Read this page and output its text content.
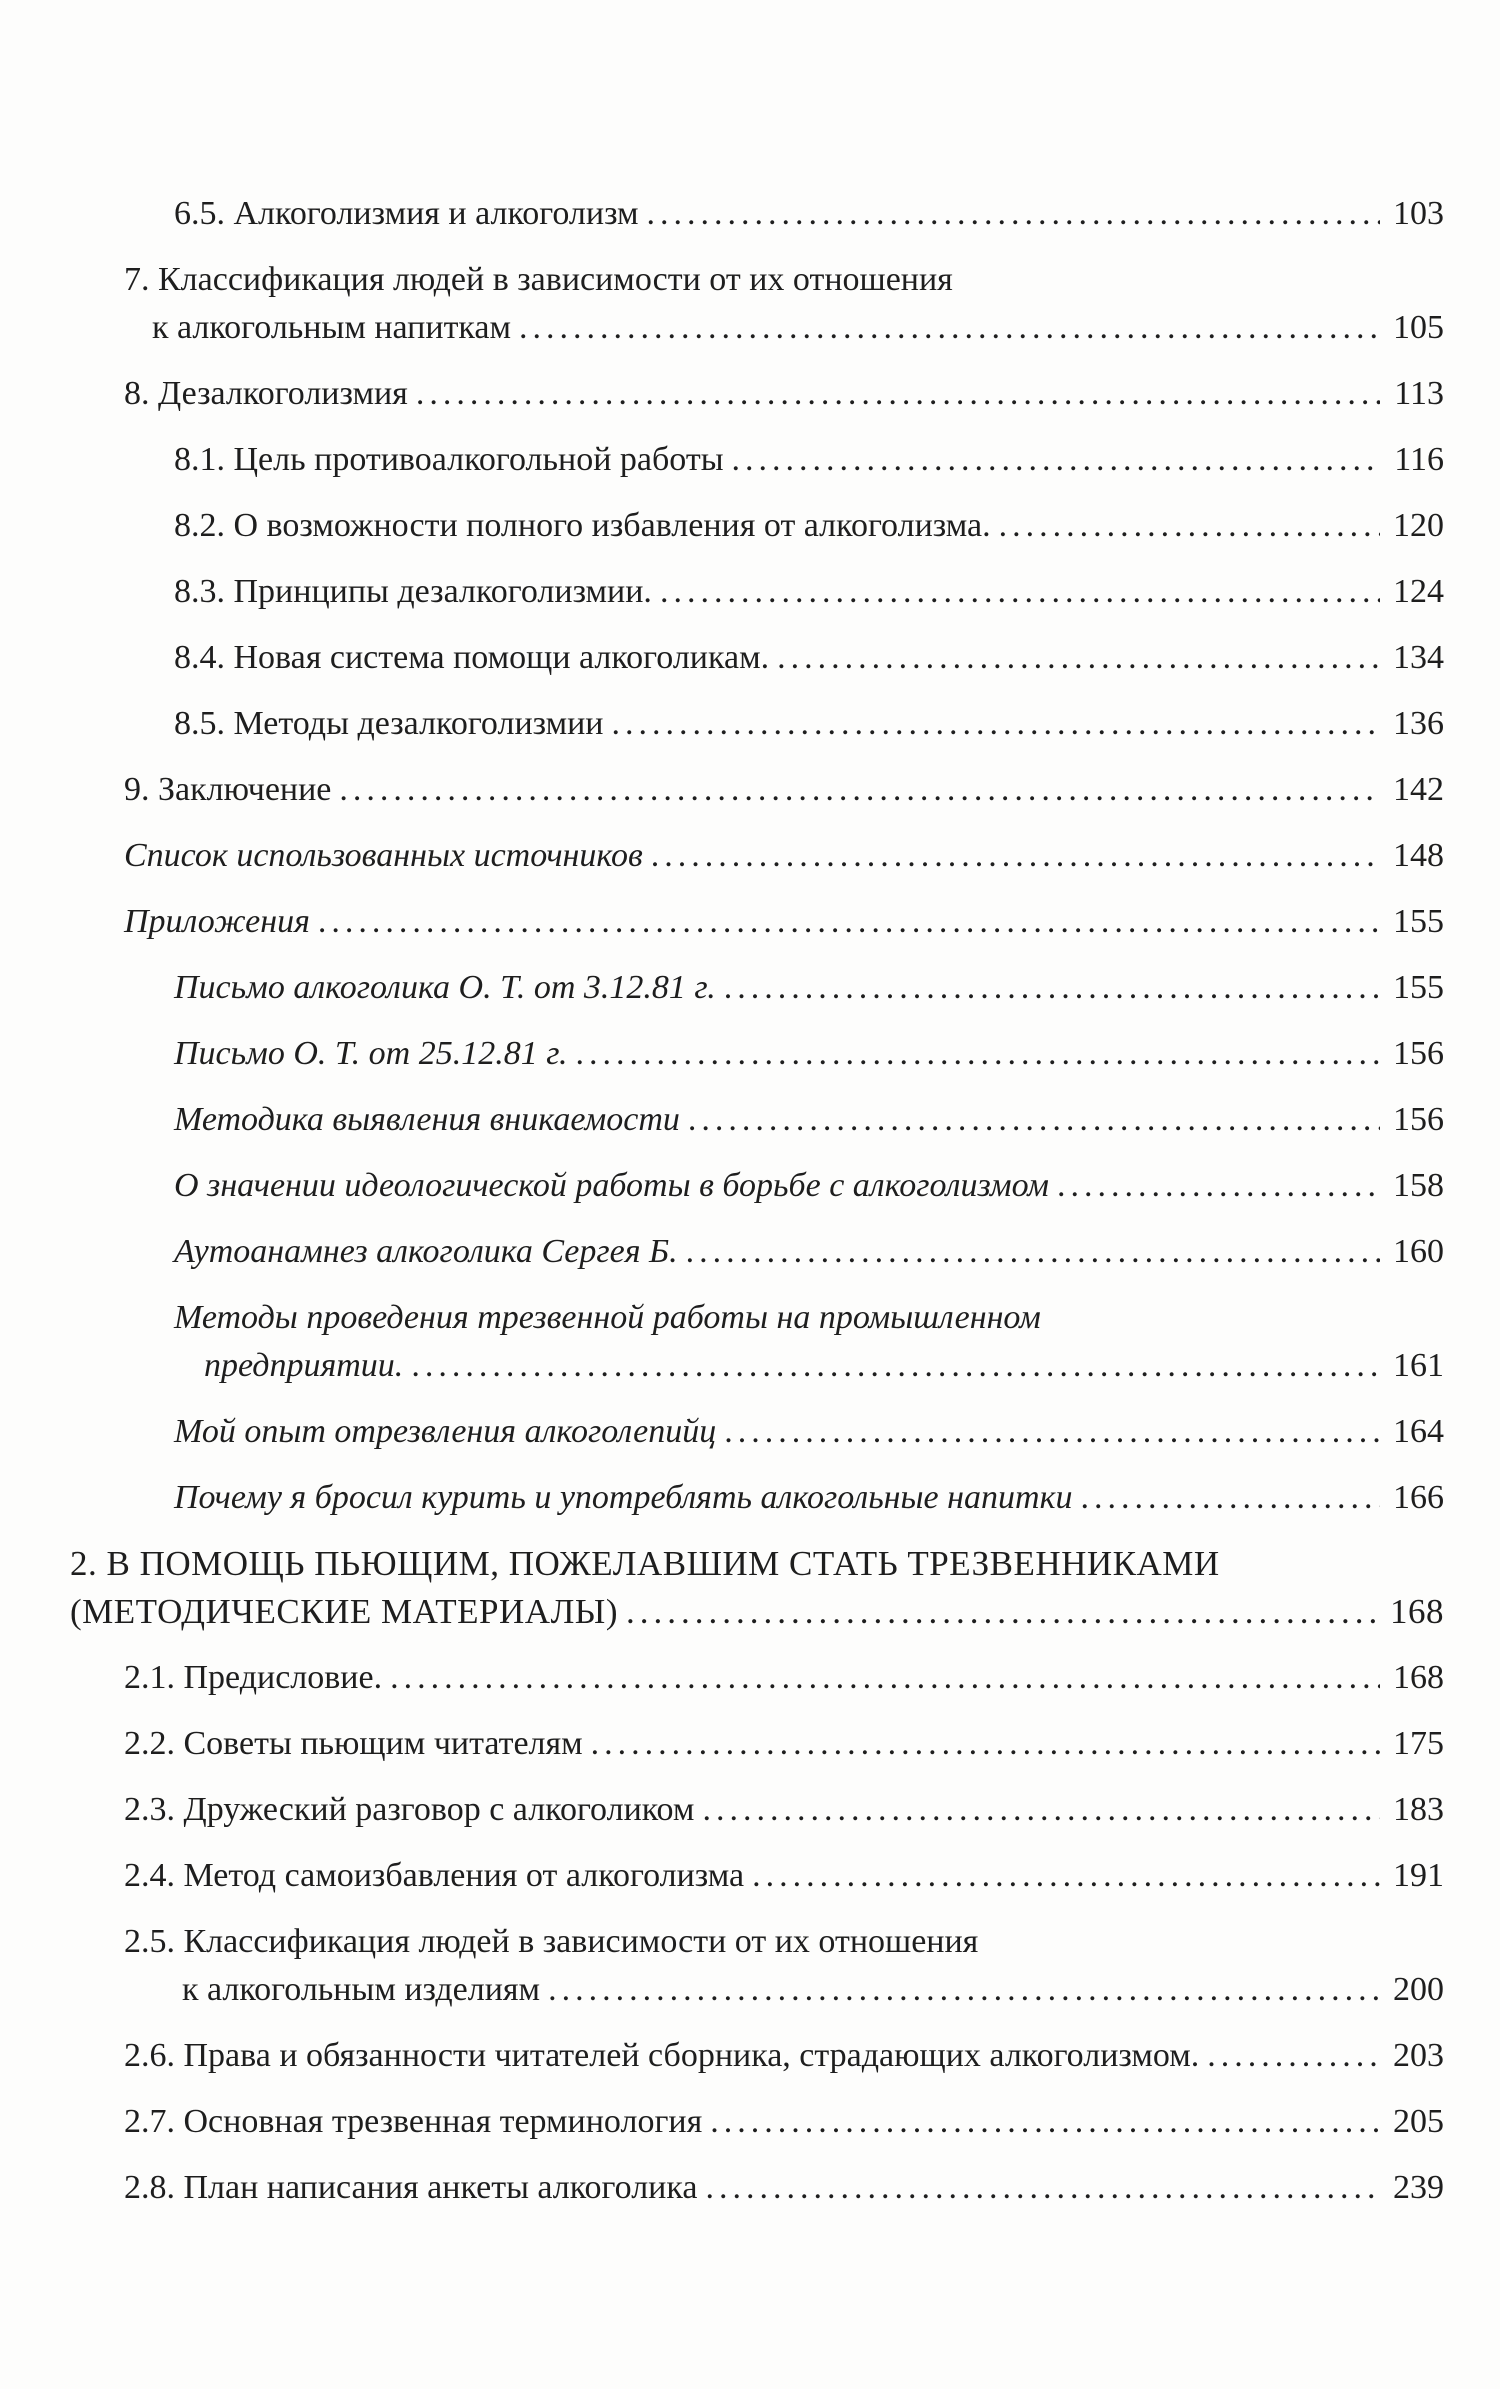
6.5. Алкоголизмия и алкоголизм .....	103
7. Классификация людей в зависимости от их отношения
к алкогольным напиткам .....	105
8. Дезалкоголизмия .....	113
8.1. Цель противоалкогольной работы .....	116
8.2. О возможности полного избавления от алкоголизма. .....	120
8.3. Принципы дезалкоголизмии. .....	124
8.4. Новая система помощи алкоголикам. .....	134
8.5. Методы дезалкоголизмии .....	136
9. Заключение .....	142
Список использованных источников .....	148
Приложения .....	155
Письмо алкоголика О. Т. от 3.12.81 г. .....	155
Письмо О. Т. от 25.12.81 г. .....	156
Методика выявления вникаемости .....	156
О значении идеологической работы в борьбе с алкоголизмом .....	158
Аутоанамнез алкоголика Сергея Б. .....	160
Методы проведения трезвенной работы на промышленном
предприятии. .....	161
Мой опыт отрезвления алкоголепийц .....	164
Почему я бросил курить и употреблять алкогольные напитки .....	166
2. В ПОМОЩЬ ПЬЮЩИМ, ПОЖЕЛАВШИМ СТАТЬ ТРЕЗВЕННИКАМИ
(МЕТОДИЧЕСКИЕ МАТЕРИАЛЫ) .....	168
2.1. Предисловие. .....	168
2.2. Советы пьющим читателям .....	175
2.3. Дружеский разговор с алкоголиком .....	183
2.4. Метод самоизбавления от алкоголизма .....	191
2.5. Классификация людей в зависимости от их отношения
к алкогольным изделиям .....	200
2.6. Права и обязанности читателей сборника, страдающих алкоголизмом. .....	203
2.7. Основная трезвенная терминология .....	205
2.8. План написания анкеты алкоголика .....	239
